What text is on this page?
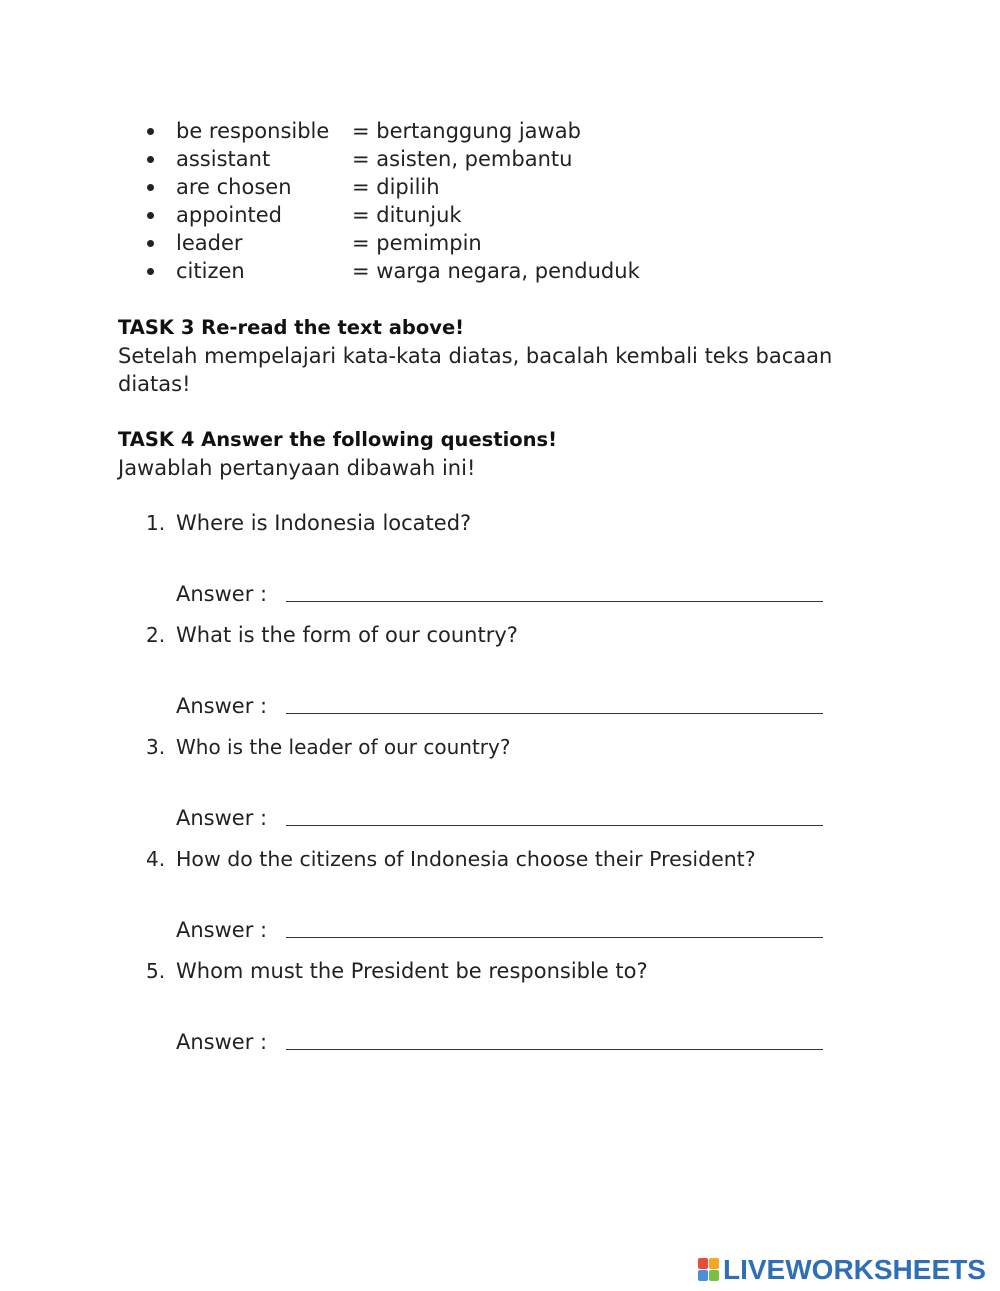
be responsible = bertanggung jawab
assistant	= asisten, pembantu
are chosen	= dipilih
appointed	= ditunjuk
leader	= pemimpin
citizen	= warga negara, penduduk
TASK 3 Re-read the text above!
Setelah mempelajari kata-kata diatas, bacalah kembali teks bacaan diatas!
TASK 4 Answer the following questions!
Jawablah pertanyaan dibawah ini!
1. Where is Indonesia located?
Answer :
2. What is the form of our country?
Answer :
3. Who is the leader of our country?
Answer :
4. How do the citizens of Indonesia choose their President?
Answer :
5. Whom must the President be responsible to?
Answer :
LIVEWORKSHEETS
